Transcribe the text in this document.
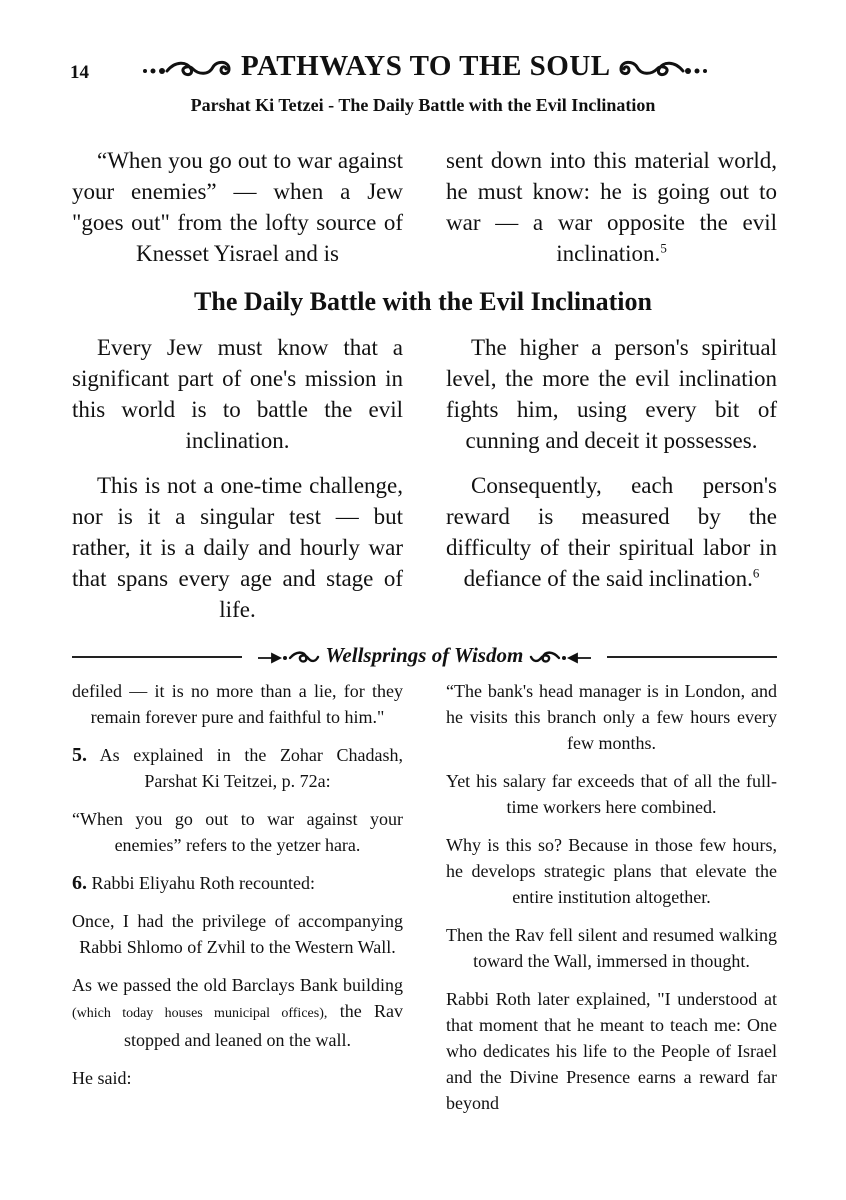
14	PATHWAYS TO THE SOUL
Parshat Ki Tetzei - The Daily Battle with the Evil Inclination

“When you go out to war against your enemies” — when a Jew "goes out" from the lofty source of Knesset Yisrael and is

sent down into this material world, he must know: he is going out to war — a war opposite the evil inclination.$^5$

The Daily Battle with the Evil Inclination

Every Jew must know that a significant part of one's mission in this world is to battle the evil inclination.

This is not a one-time challenge, nor is it a singular test — but rather, it is a daily and hourly war that spans every age and stage of life.

The higher a person's spiritual level, the more the evil inclination fights him, using every bit of cunning and deceit it possesses.

Consequently, each person's reward is measured by the difficulty of their spiritual labor in defiance of the said inclination.$^6$

Wellsprings of Wisdom

defiled — it is no more than a lie, for they remain forever pure and faithful to him."

5. As explained in the Zohar Chadash, Parshat Ki Teitzei, p. 72a:

“When you go out to war against your enemies” refers to the yetzer hara.

6. Rabbi Eliyahu Roth recounted:

Once, I had the privilege of accompanying Rabbi Shlomo of Zvhil to the Western Wall.

As we passed the old Barclays Bank building (which today houses municipal offices), the Rav stopped and leaned on the wall.

He said:

“The bank's head manager is in London, and he visits this branch only a few hours every few months.

Yet his salary far exceeds that of all the full-time workers here combined.

Why is this so? Because in those few hours, he develops strategic plans that elevate the entire institution altogether.

Then the Rav fell silent and resumed walking toward the Wall, immersed in thought.

Rabbi Roth later explained, "I understood at that moment that he meant to teach me: One who dedicates his life to the People of Israel and the Divine Presence earns a reward far beyond
